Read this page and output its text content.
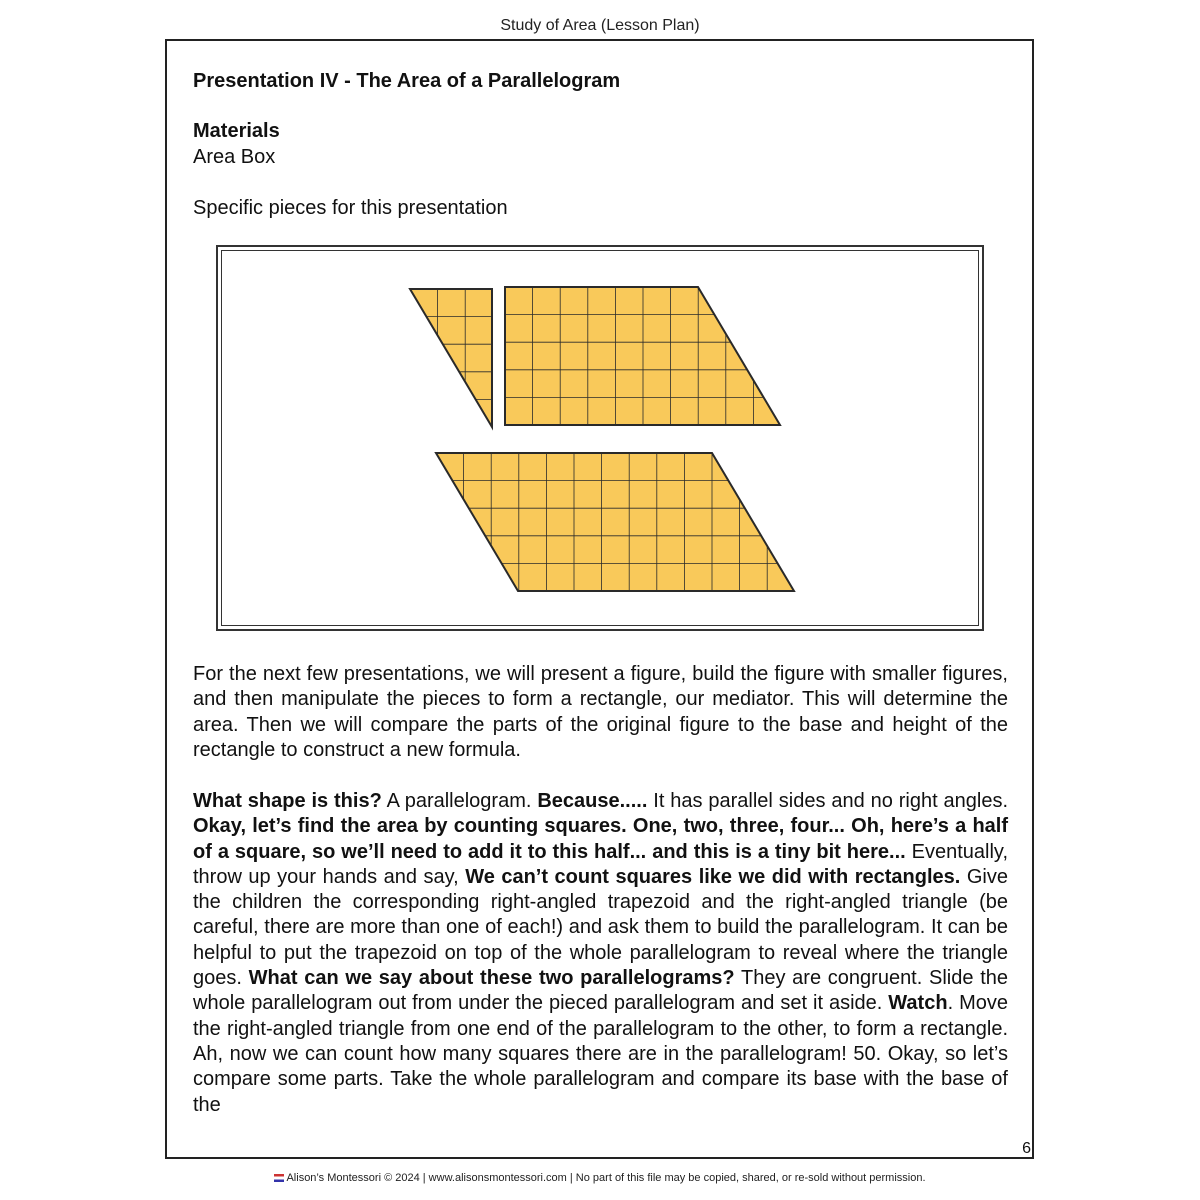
Study of Area (Lesson Plan)
Presentation IV - The Area of a Parallelogram
Materials
Area Box
Specific pieces for this presentation

For the next few presentations, we will present a figure, build the figure with smaller figures, and then manipulate the pieces to form a rectangle, our mediator. This will determine the area. Then we will compare the parts of the original figure to the base and height of the rectangle to construct a new formula.

What shape is this? A parallelogram. Because..... It has parallel sides and no right angles. Okay, let’s find the area by counting squares. One, two, three, four... Oh, here’s a half of a square, so we’ll need to add it to this half... and this is a tiny bit here... Eventually, throw up your hands and say, We can’t count squares like we did with rectangles. Give the children the corresponding right-angled trapezoid and the right-angled triangle (be careful, there are more than one of each!) and ask them to build the parallelogram. It can be helpful to put the trapezoid on top of the whole parallelogram to reveal where the triangle goes. What can we say about these two parallelograms? They are congruent. Slide the whole parallelogram out from under the pieced parallelogram and set it aside. Watch. Move the right-angled triangle from one end of the parallelogram to the other, to form a rectangle. Ah, now we can count how many squares there are in the parallelogram! 50. Okay, so let’s compare some parts. Take the whole parallelogram and compare its base with the base of the

6
Alison’s Montessori © 2024 | www.alisonsmontessori.com | No part of this file may be copied, shared, or re-sold without permission.
